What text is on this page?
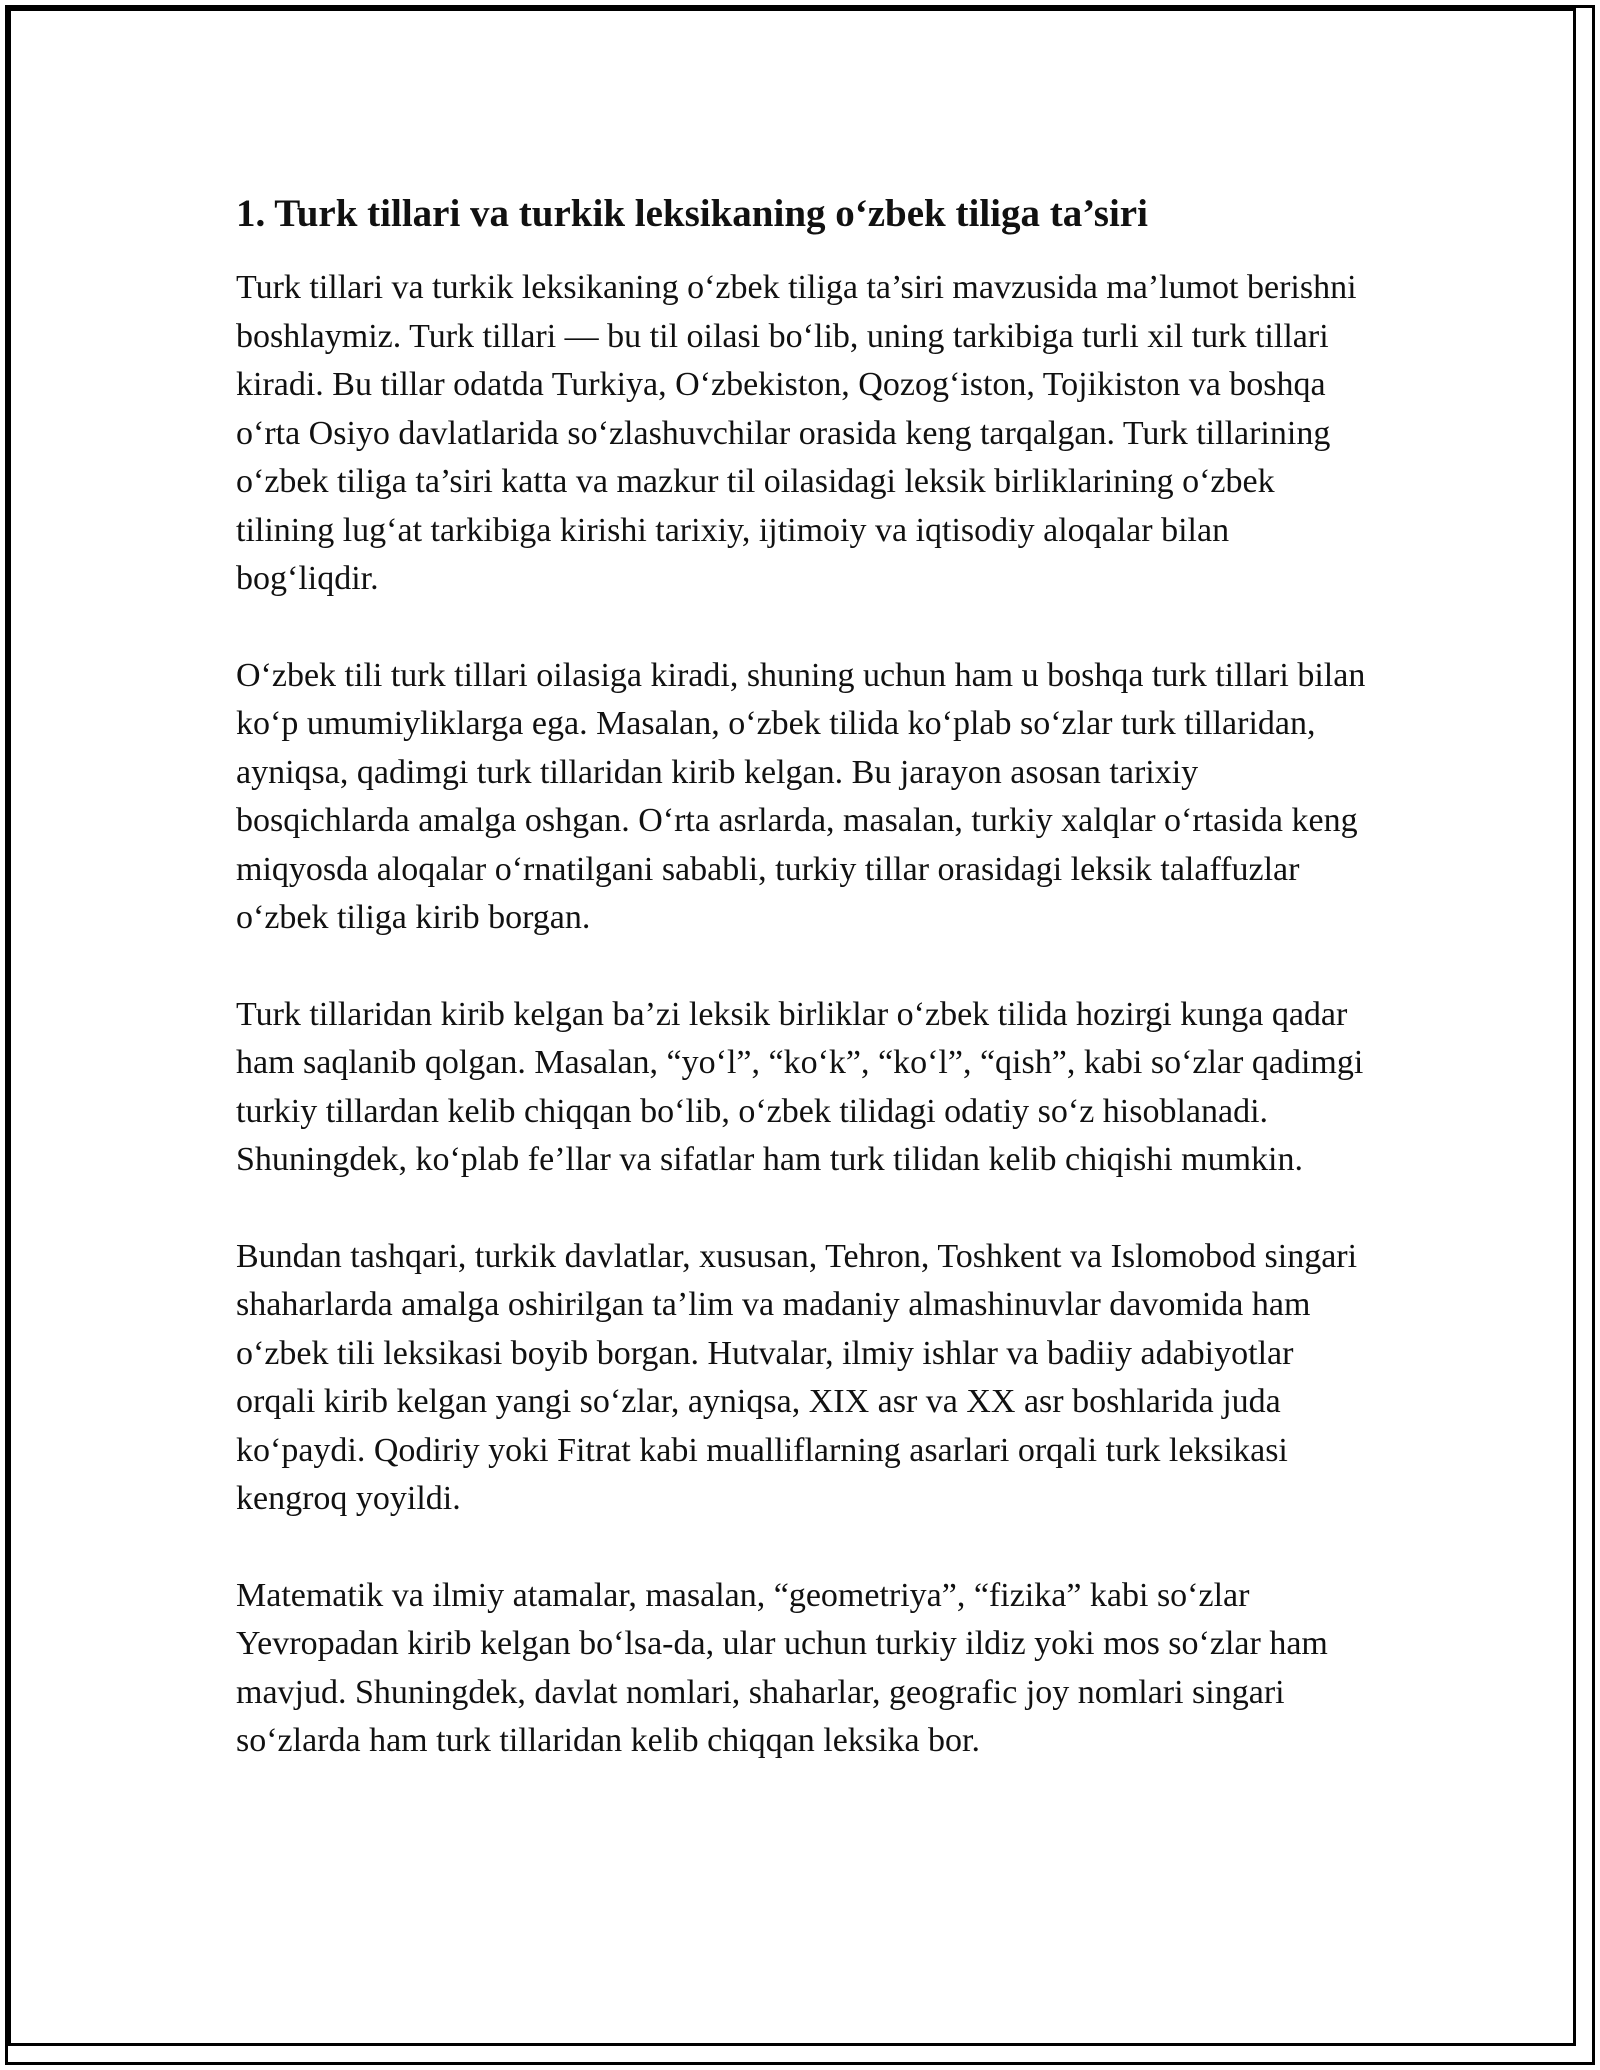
1. Turk tillari va turkik leksikaning o‘zbek tiliga ta’siri

Turk tillari va turkik leksikaning o‘zbek tiliga ta’siri mavzusida ma’lumot berishni boshlaymiz. Turk tillari — bu til oilasi bo‘lib, uning tarkibiga turli xil turk tillari kiradi. Bu tillar odatda Turkiya, O‘zbekiston, Qozog‘iston, Tojikiston va boshqa o‘rta Osiyo davlatlarida so‘zlashuvchilar orasida keng tarqalgan. Turk tillarining o‘zbek tiliga ta’siri katta va mazkur til oilasidagi leksik birliklarining o‘zbek tilining lug‘at tarkibiga kirishi tarixiy, ijtimoiy va iqtisodiy aloqalar bilan bog‘liqdir.

O‘zbek tili turk tillari oilasiga kiradi, shuning uchun ham u boshqa turk tillari bilan ko‘p umumiyliklarga ega. Masalan, o‘zbek tilida ko‘plab so‘zlar turk tillaridan, ayniqsa, qadimgi turk tillaridan kirib kelgan. Bu jarayon asosan tarixiy bosqichlarda amalga oshgan. O‘rta asrlarda, masalan, turkiy xalqlar o‘rtasida keng miqyosda aloqalar o‘rnatilgani sababli, turkiy tillar orasidagi leksik talaffuzlar o‘zbek tiliga kirib borgan.

Turk tillaridan kirib kelgan ba’zi leksik birliklar o‘zbek tilida hozirgi kunga qadar ham saqlanib qolgan. Masalan, “yo‘l”, “ko‘k”, “ko‘l”, “qish”, kabi so‘zlar qadimgi turkiy tillardan kelib chiqqan bo‘lib, o‘zbek tilidagi odatiy so‘z hisoblanadi. Shuningdek, ko‘plab fe’llar va sifatlar ham turk tilidan kelib chiqishi mumkin.

Bundan tashqari, turkik davlatlar, xususan, Tehron, Toshkent va Islomobod singari shaharlarda amalga oshirilgan ta’lim va madaniy almashinuvlar davomida ham o‘zbek tili leksikasi boyib borgan. Hutvalar, ilmiy ishlar va badiiy adabiyotlar orqali kirib kelgan yangi so‘zlar, ayniqsa, XIX asr va XX asr boshlarida juda ko‘paydi. Qodiriy yoki Fitrat kabi mualliflarning asarlari orqali turk leksikasi kengroq yoyildi.

Matematik va ilmiy atamalar, masalan, “geometriya”, “fizika” kabi so‘zlar Yevropadan kirib kelgan bo‘lsa-da, ular uchun turkiy ildiz yoki mos so‘zlar ham mavjud. Shuningdek, davlat nomlari, shaharlar, geografic joy nomlari singari so‘zlarda ham turk tillaridan kelib chiqqan leksika bor.
